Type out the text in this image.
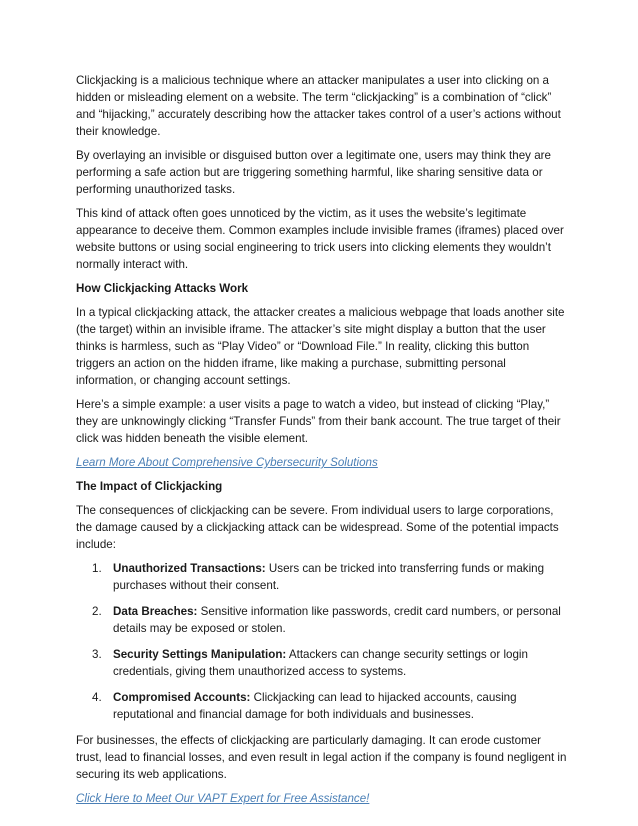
Clickjacking is a malicious technique where an attacker manipulates a user into clicking on a hidden or misleading element on a website. The term “clickjacking” is a combination of “click” and “hijacking,” accurately describing how the attacker takes control of a user’s actions without their knowledge.

By overlaying an invisible or disguised button over a legitimate one, users may think they are performing a safe action but are triggering something harmful, like sharing sensitive data or performing unauthorized tasks.

This kind of attack often goes unnoticed by the victim, as it uses the website’s legitimate appearance to deceive them. Common examples include invisible frames (iframes) placed over website buttons or using social engineering to trick users into clicking elements they wouldn’t normally interact with.

How Clickjacking Attacks Work

In a typical clickjacking attack, the attacker creates a malicious webpage that loads another site (the target) within an invisible iframe. The attacker’s site might display a button that the user thinks is harmless, such as “Play Video” or “Download File.” In reality, clicking this button triggers an action on the hidden iframe, like making a purchase, submitting personal information, or changing account settings.

Here’s a simple example: a user visits a page to watch a video, but instead of clicking “Play,” they are unknowingly clicking “Transfer Funds” from their bank account. The true target of their click was hidden beneath the visible element.

Learn More About Comprehensive Cybersecurity Solutions
The Impact of Clickjacking

The consequences of clickjacking can be severe. From individual users to large corporations, the damage caused by a clickjacking attack can be widespread. Some of the potential impacts include:

1. Unauthorized Transactions: Users can be tricked into transferring funds or making purchases without their consent.
2. Data Breaches: Sensitive information like passwords, credit card numbers, or personal details may be exposed or stolen.
3. Security Settings Manipulation: Attackers can change security settings or login credentials, giving them unauthorized access to systems.
4. Compromised Accounts: Clickjacking can lead to hijacked accounts, causing reputational and financial damage for both individuals and businesses.

For businesses, the effects of clickjacking are particularly damaging. It can erode customer trust, lead to financial losses, and even result in legal action if the company is found negligent in securing its web applications.

Click Here to Meet Our VAPT Expert for Free Assistance!
